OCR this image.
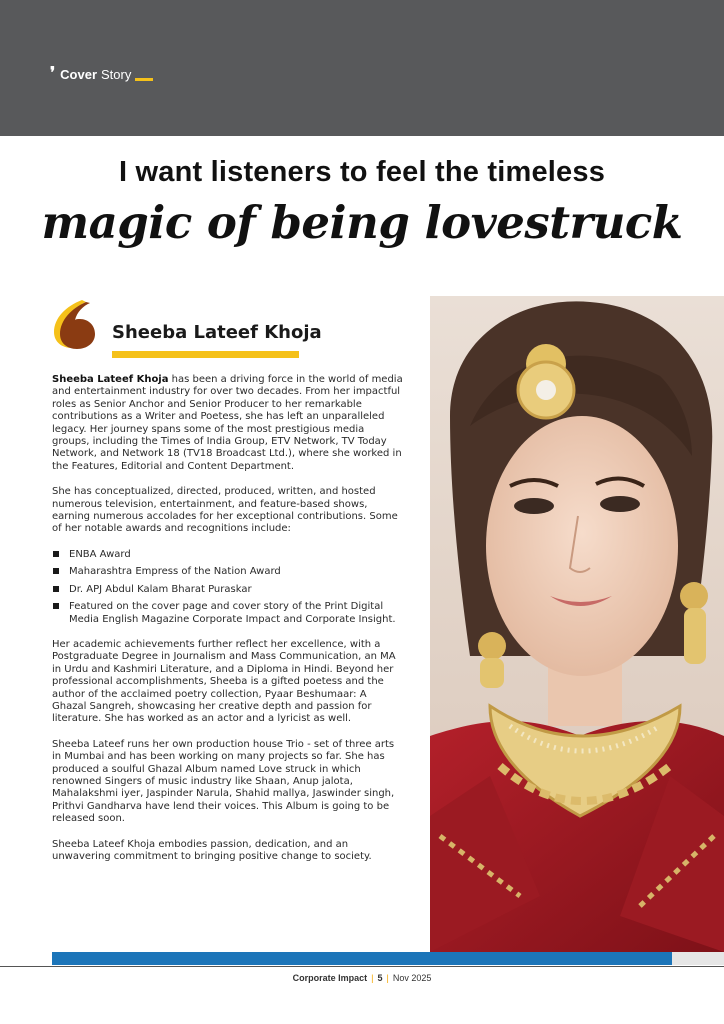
❜ Cover Story
I want listeners to feel the timeless
magic of being lovestruck
Sheeba Lateef Khoja

Sheeba Lateef Khoja has been a driving force in the world of media and entertainment industry for over two decades. From her impactful roles as Senior Anchor and Senior Producer to her remarkable contributions as a Writer and Poetess, she has left an unparalleled legacy. Her journey spans some of the most prestigious media groups, including the Times of India Group, ETV Network, TV Today Network, and Network 18 (TV18 Broadcast Ltd.), where she worked in the Features, Editorial and Content Department.

She has conceptualized, directed, produced, written, and hosted numerous television, entertainment, and feature-based shows, earning numerous accolades for her exceptional contributions. Some of her notable awards and recognitions include:

ENBA Award
Maharashtra Empress of the Nation Award
Dr. APJ Abdul Kalam Bharat Puraskar
Featured on the cover page and cover story of the Print Digital Media English Magazine Corporate Impact and Corporate Insight.

Her academic achievements further reflect her excellence, with a Postgraduate Degree in Journalism and Mass Communication, an MA in Urdu and Kashmiri Literature, and a Diploma in Hindi. Beyond her professional accomplishments, Sheeba is a gifted poetess and the author of the acclaimed poetry collection, Pyaar Beshumaar: A Ghazal Sangreh, showcasing her creative depth and passion for literature. She has worked as an actor and a lyricist as well.

Sheeba Lateef runs her own production house Trio - set of three arts in Mumbai and has been working on many projects so far. She has produced a soulful Ghazal Album named Love struck in which renowned Singers of music industry like Shaan, Anup jalota, Mahalakshmi iyer, Jaspinder Narula, Shahid mallya, Jaswinder singh, Prithvi Gandharva have lend their voices. This Album is going to be released soon.

Sheeba Lateef Khoja embodies passion, dedication, and an unwavering commitment to bringing positive change to society.

Corporate Impact | 5 | Nov 2025
